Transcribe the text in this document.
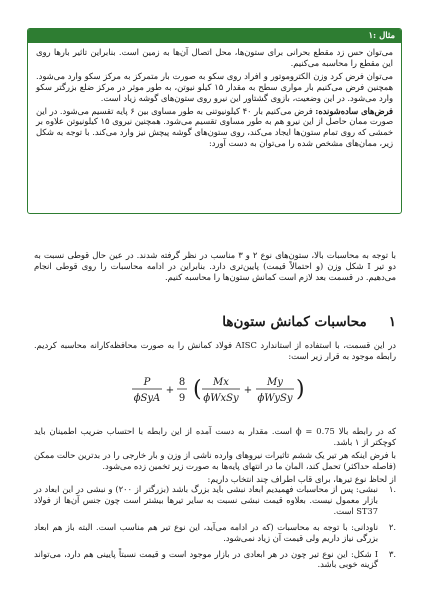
۱: مثال

می‌توان حس زد مقطع بحرانی برای ستون‌ها، محل اتصال آن‌ها به زمین است. بنابراین تاثیر بارها روی این مقطع را محاسبه می‌کنیم.

می‌توان فرض کرد وزن الکتروموتور و افراد روی سکو به صورت بار متمرکز به مرکز سکو وارد می‌شود. همچنین فرض می‌کنیم بار مواری سطح به مقدار ۱۵ کیلو نیوتن، به طور موثر در مرکز ضلع بزرگتر سکو وارد می‌شود. در این وضعیت، بازوی گشتاور این نیرو روی ستون‌های گوشه زیاد است.

فرض‌های ساده‌شونده: فرض می‌کنیم بار ۴۰ کیلونیوتنی به طور مساوی بین ۶ پایه تقسیم می‌شود. در این صورت ممان حاصل از این نیرو هم به طور مساوی تقسیم می‌شود. همچنین نیروی ۱۵ کیلونیوتن علاوه بر خمشی که روی تمام ستون‌ها ایجاد می‌کند، روی ستون‌های گوشه پیچش نیز وارد می‌کند. با توجه به شکل زیر، ممان‌های مشخص شده را می‌توان به دست آورد:

با توجه به محاسبات بالا، ستون‌های نوع ۲ و ۳ مناسب در نظر گرفته شدند. در عین حال قوطی نسبت به دو تیر I شکل وزن (و احتمالاً قیمت) پایین‌تری دارد. بنابراین در ادامه محاسبات را روی قوطی انجام می‌دهیم. در قسمت بعد لازم است کمانش ستون‌ها را محاسبه کنیم.

۱
محاسبات کمانش ستون‌ها

در این قسمت، با استفاده از استاندارد AISC فولاد کمانش را به صورت محافظه‌کارانه محاسبه کردیم. رابطه موجود به قرار زیر است:

P
ϕSyA
+
8
9 ( Mx
ϕWxSy
+
My
ϕWySy )

که در رابطه بالا 0.75 = ϕ است. مقدار به دست آمده از این رابطه با احتساب ضریب اطمینان باید کوچکتر از ۱ باشد.

با فرض اینکه هر تیر یک ششم تاثیرات نیروهای وارده ناشی از وزن و بار خارجی را در بدترین حالت ممکن (فاصله حداکثر) تحمل کند، المان ما در انتهای پایه‌ها به صورت زیر تخمین زده می‌شود.

از لحاظ نوع تیرها، برای قاب اطراف چند انتخاب داریم:

.۱
نبشی: پس از محاسبات فهمیدیم ابعاد نبشی باید بزرگ باشد (بزرگتر از ۲۰۰) و نبشی در این ابعاد در بازار معمول نیست. بعلاوه قیمت نبشی نسبت به سایر تیرها بیشتر است چون جنس آن‌ها از فولاد ST37 است.
.۲
ناودانی: با توجه به محاسبات (که در ادامه می‌آید، این نوع تیر هم مناسب است. البته باز هم ابعاد بزرگی نیاز داریم ولی قیمت آن زیاد نمی‌شود.
.۳
I شکل: این نوع تیر چون در هر ابعادی در بازار موجود است و قیمت نسبتاً پایینی هم دارد، می‌تواند گزینه خوبی باشد.
